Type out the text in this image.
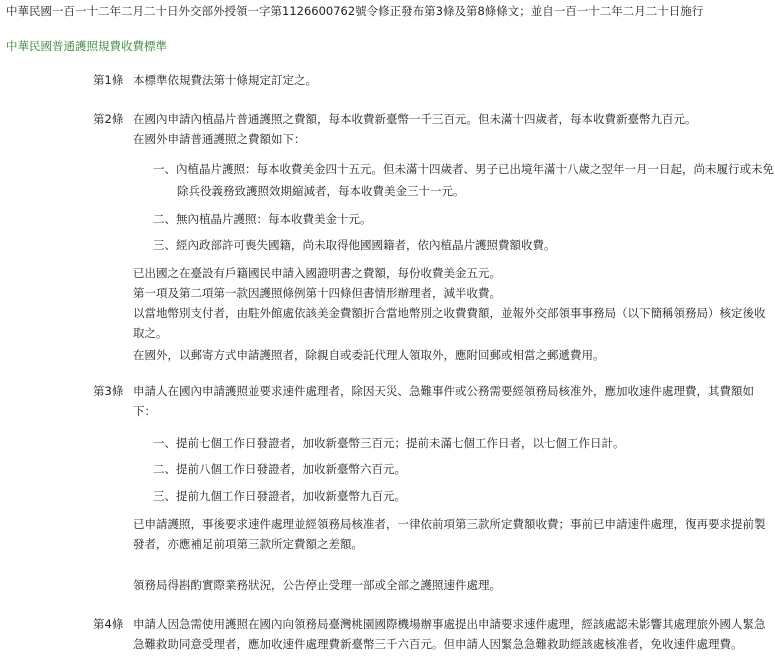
中華民國一百一十二年二月二十日外交部外授領一字第1126600762號令修正發布第3條及第8條條文；並自一百一十二年二月二十日施行
中華民國普通護照規費收費標準
第1條 本標準依規費法第十條規定訂定之。
第2條 在國內申請內植晶片普通護照之費額，每本收費新臺幣一千三百元。但未滿十四歲者，每本收費新臺幣九百元。
在國外申請普通護照之費額如下：
一、內植晶片護照：每本收費美金四十五元。但未滿十四歲者、男子已出境年滿十八歲之翌年一月一日起，尚未履行或未免
除兵役義務致護照效期縮減者，每本收費美金三十一元。
二、無內植晶片護照：每本收費美金十元。
三、經內政部許可喪失國籍，尚未取得他國國籍者，依內植晶片護照費額收費。
已出國之在臺設有戶籍國民申請入國證明書之費額，每份收費美金五元。
第一項及第二項第一款因護照條例第十四條但書情形辦理者，減半收費。
以當地幣別支付者，由駐外館處依該美金費額折合當地幣別之收費費額，並報外交部領事事務局（以下簡稱領務局）核定後收
取之。
在國外，以郵寄方式申請護照者，除親自或委託代理人領取外，應附回郵或相當之郵遞費用。
第3條 申請人在國內申請護照並要求速件處理者，除因天災、急難事件或公務需要經領務局核准外，應加收速件處理費，其費額如
下：
一、提前七個工作日發證者，加收新臺幣三百元；提前未滿七個工作日者，以七個工作日計。
二、提前八個工作日發證者，加收新臺幣六百元。
三、提前九個工作日發證者，加收新臺幣九百元。
已申請護照，事後要求速件處理並經領務局核准者，一律依前項第三款所定費額收費；事前已申請速件處理，復再要求提前製
發者，亦應補足前項第三款所定費額之差額。
領務局得斟酌實際業務狀況，公告停止受理一部或全部之護照速件處理。
第4條 申請人因急需使用護照在國內向領務局臺灣桃園國際機場辦事處提出申請要求速件處理，經該處認未影響其處理旅外國人緊急
急難救助同意受理者，應加收速件處理費新臺幣三千六百元。但申請人因緊急急難救助經該處核准者，免收速件處理費。
